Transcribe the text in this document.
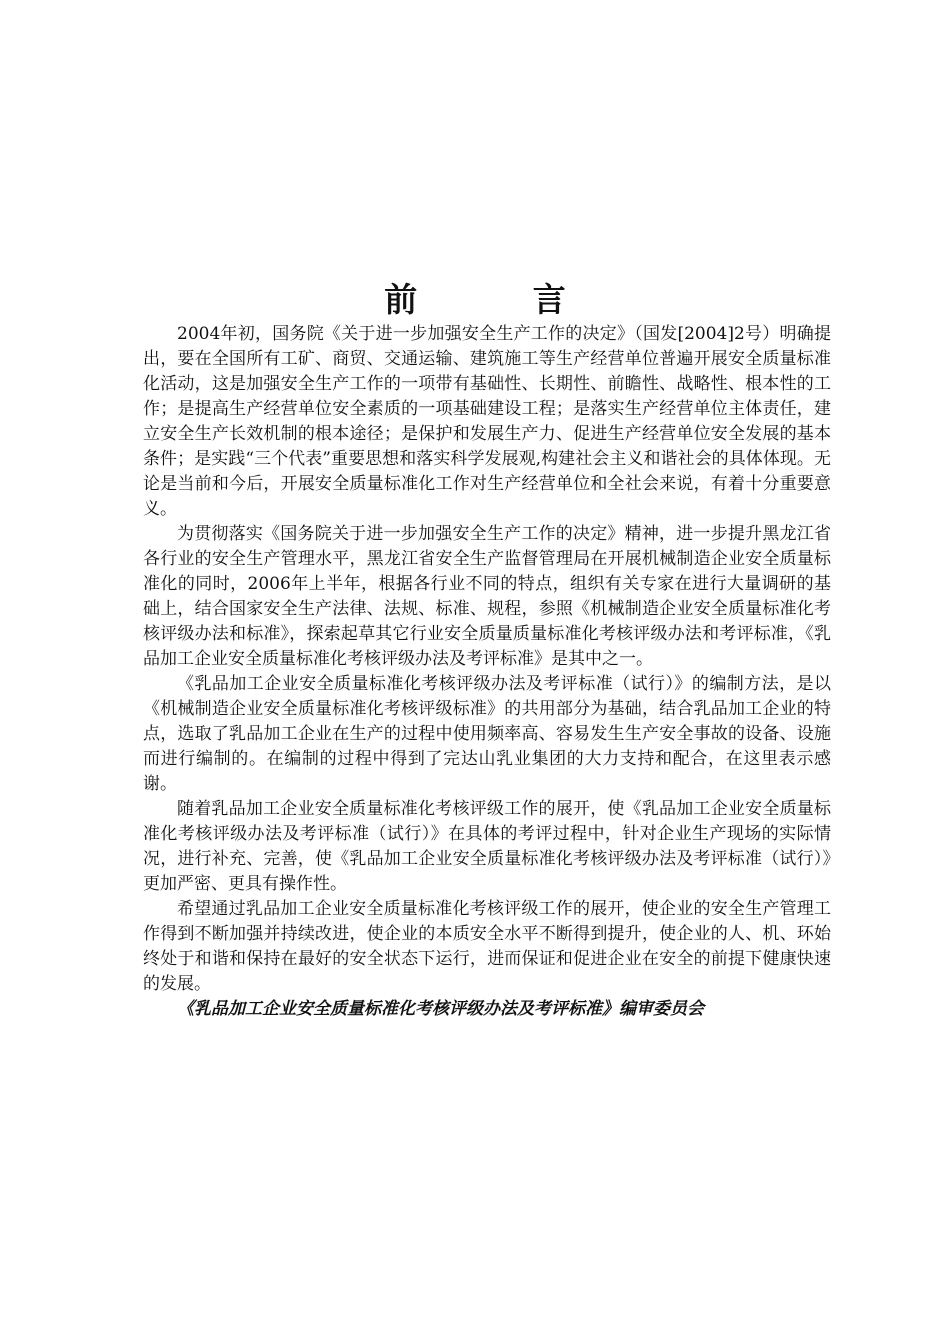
前 言

2004年初，国务院《关于进一步加强安全生产工作的决定》（国发[2004]2号）明确提出，要在全国所有工矿、商贸、交通运输、建筑施工等生产经营单位普遍开展安全质量标准化活动，这是加强安全生产工作的一项带有基础性、长期性、前瞻性、战略性、根本性的工作；是提高生产经营单位安全素质的一项基础建设工程；是落实生产经营单位主体责任，建立安全生产长效机制的根本途径；是保护和发展生产力、促进生产经营单位安全发展的基本条件；是实践“三个代表”重要思想和落实科学发展观,构建社会主义和谐社会的具体体现。无论是当前和今后，开展安全质量标准化工作对生产经营单位和全社会来说，有着十分重要意义。

为贯彻落实《国务院关于进一步加强安全生产工作的决定》精神，进一步提升黑龙江省各行业的安全生产管理水平，黑龙江省安全生产监督管理局在开展机械制造企业安全质量标准化的同时，2006年上半年，根据各行业不同的特点，组织有关专家在进行大量调研的基础上，结合国家安全生产法律、法规、标准、规程，参照《机械制造企业安全质量标准化考核评级办法和标准》，探索起草其它行业安全质量质量标准化考核评级办法和考评标准，《乳品加工企业安全质量标准化考核评级办法及考评标准》是其中之一。

《乳品加工企业安全质量标准化考核评级办法及考评标准（试行）》的编制方法，是以《机械制造企业安全质量标准化考核评级标准》的共用部分为基础，结合乳品加工企业的特点，选取了乳品加工企业在生产的过程中使用频率高、容易发生生产安全事故的设备、设施而进行编制的。在编制的过程中得到了完达山乳业集团的大力支持和配合，在这里表示感谢。

随着乳品加工企业安全质量标准化考核评级工作的展开，使《乳品加工企业安全质量标准化考核评级办法及考评标准（试行）》在具体的考评过程中，针对企业生产现场的实际情况，进行补充、完善，使《乳品加工企业安全质量标准化考核评级办法及考评标准（试行）》更加严密、更具有操作性。

希望通过乳品加工企业安全质量标准化考核评级工作的展开，使企业的安全生产管理工作得到不断加强并持续改进，使企业的本质安全水平不断得到提升，使企业的人、机、环始终处于和谐和保持在最好的安全状态下运行，进而保证和促进企业在安全的前提下健康快速的发展。

《乳品加工企业安全质量标准化考核评级办法及考评标准》编审委员会
